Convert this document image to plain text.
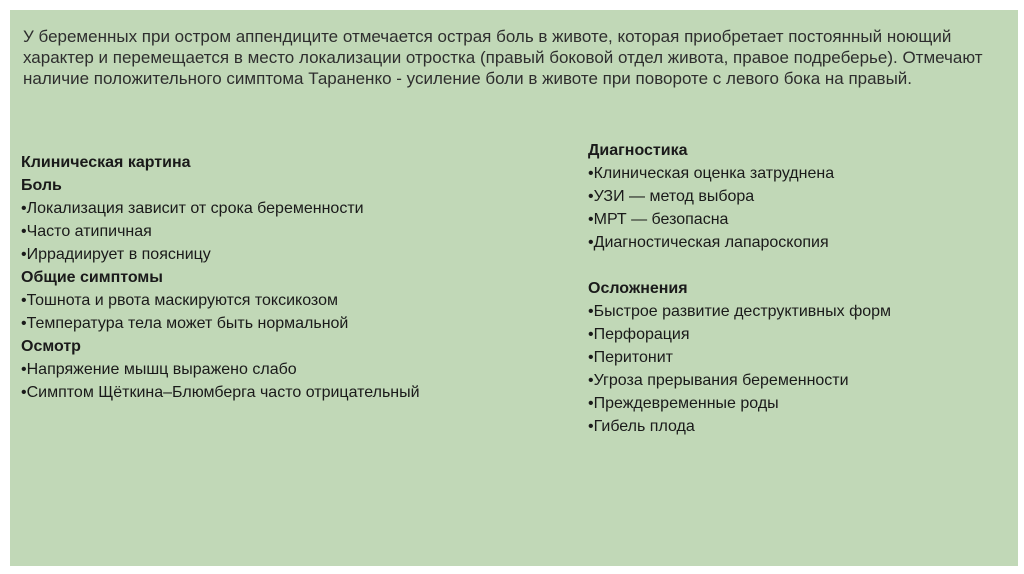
У беременных при остром аппендиците отмечается острая боль в животе, которая приобретает постоянный ноющий характер и перемещается в место локализации отростка (правый боковой отдел живота, правое подреберье). Отмечают наличие положительного симптома Тараненко - усиление боли в животе при повороте с левого бока на правый.

Клиническая картина
Боль
• Локализация зависит от срока беременности
• Часто атипичная
• Иррадиирует в поясницу
Общие симптомы
• Тошнота и рвота маскируются токсикозом
• Температура тела может быть нормальной
Осмотр
• Напряжение мышц выражено слабо
• Симптом Щёткина–Блюмберга часто отрицательный
Диагностика
• Клиническая оценка затруднена
• УЗИ — метод выбора
• МРТ — безопасна
• Диагностическая лапароскопия
Осложнения
• Быстрое развитие деструктивных форм
• Перфорация
• Перитонит
• Угроза прерывания беременности
• Преждевременные роды
• Гибель плода
